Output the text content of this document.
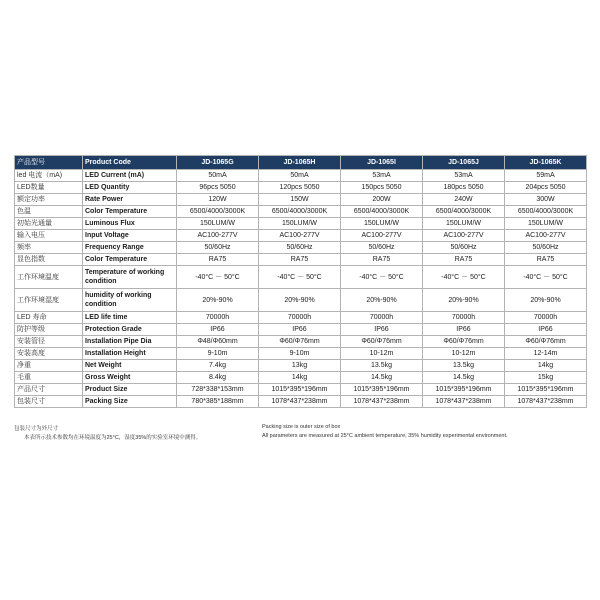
产品型号	Product Code	JD-1065G	JD-1065H	JD-1065I	JD-1065J	JD-1065K
led 电流（mA)	LED Current (mA)	50mA	50mA	53mA	53mA	59mA
LED数量	LED Quantity	96pcs 5050	120pcs 5050	150pcs 5050	180pcs 5050	204pcs 5050
额定功率	Rate Power	120W	150W	200W	240W	300W
色温	Color Temperature	6500/4000/3000K	6500/4000/3000K	6500/4000/3000K	6500/4000/3000K	6500/4000/3000K
初始光通量	Luminous Flux	150LUM/W	150LUM/W	150LUM/W	150LUM/W	150LUM/W
输入电压	Input Voltage	AC100-277V	AC100-277V	AC100-277V	AC100-277V	AC100-277V
频率	Frequency Range	50/60Hz	50/60Hz	50/60Hz	50/60Hz	50/60Hz
显色指数	Color Temperature	RA75	RA75	RA75	RA75	RA75
工作环境温度	Temperature of working condition	-40°C － 50°C	-40°C － 50°C	-40°C － 50°C	-40°C － 50°C	-40°C － 50°C
工作环境湿度	humidity of working condition	20%-90%	20%-90%	20%-90%	20%-90%	20%-90%
LED 寿命	LED life time	70000h	70000h	70000h	70000h	70000h
防护等级	Protection Grade	IP66	IP66	IP66	IP66	IP66
安装管径	Installation Pipe Dia	Φ48/Φ60mm	Φ60/Φ76mm	Φ60/Φ76mm	Φ60/Φ76mm	Φ60/Φ76mm
安装高度	Installation Height	9-10m	9-10m	10-12m	10-12m	12-14m
净重	Net Weight	7.4kg	13kg	13.5kg	13.5kg	14kg
毛重	Gross Weight	8.4kg	14kg	14.5kg	14.5kg	15kg
产品尺寸	Product Size	728*338*153mm	1015*395*196mm	1015*395*196mm	1015*395*196mm	1015*395*196mm
包装尺寸	Packing Size	780*385*188mm	1078*437*238mm	1078*437*238mm	1078*437*238mm	1078*437*238mm
包装尺寸为外尺寸
本表所示技术参数均在环境温度为25°C，湿度35%的实验室环境中测得。
Packing size is outer size of box
All parameters are measured at 25°C ambient temperature, 35% humidity experimental environment.
